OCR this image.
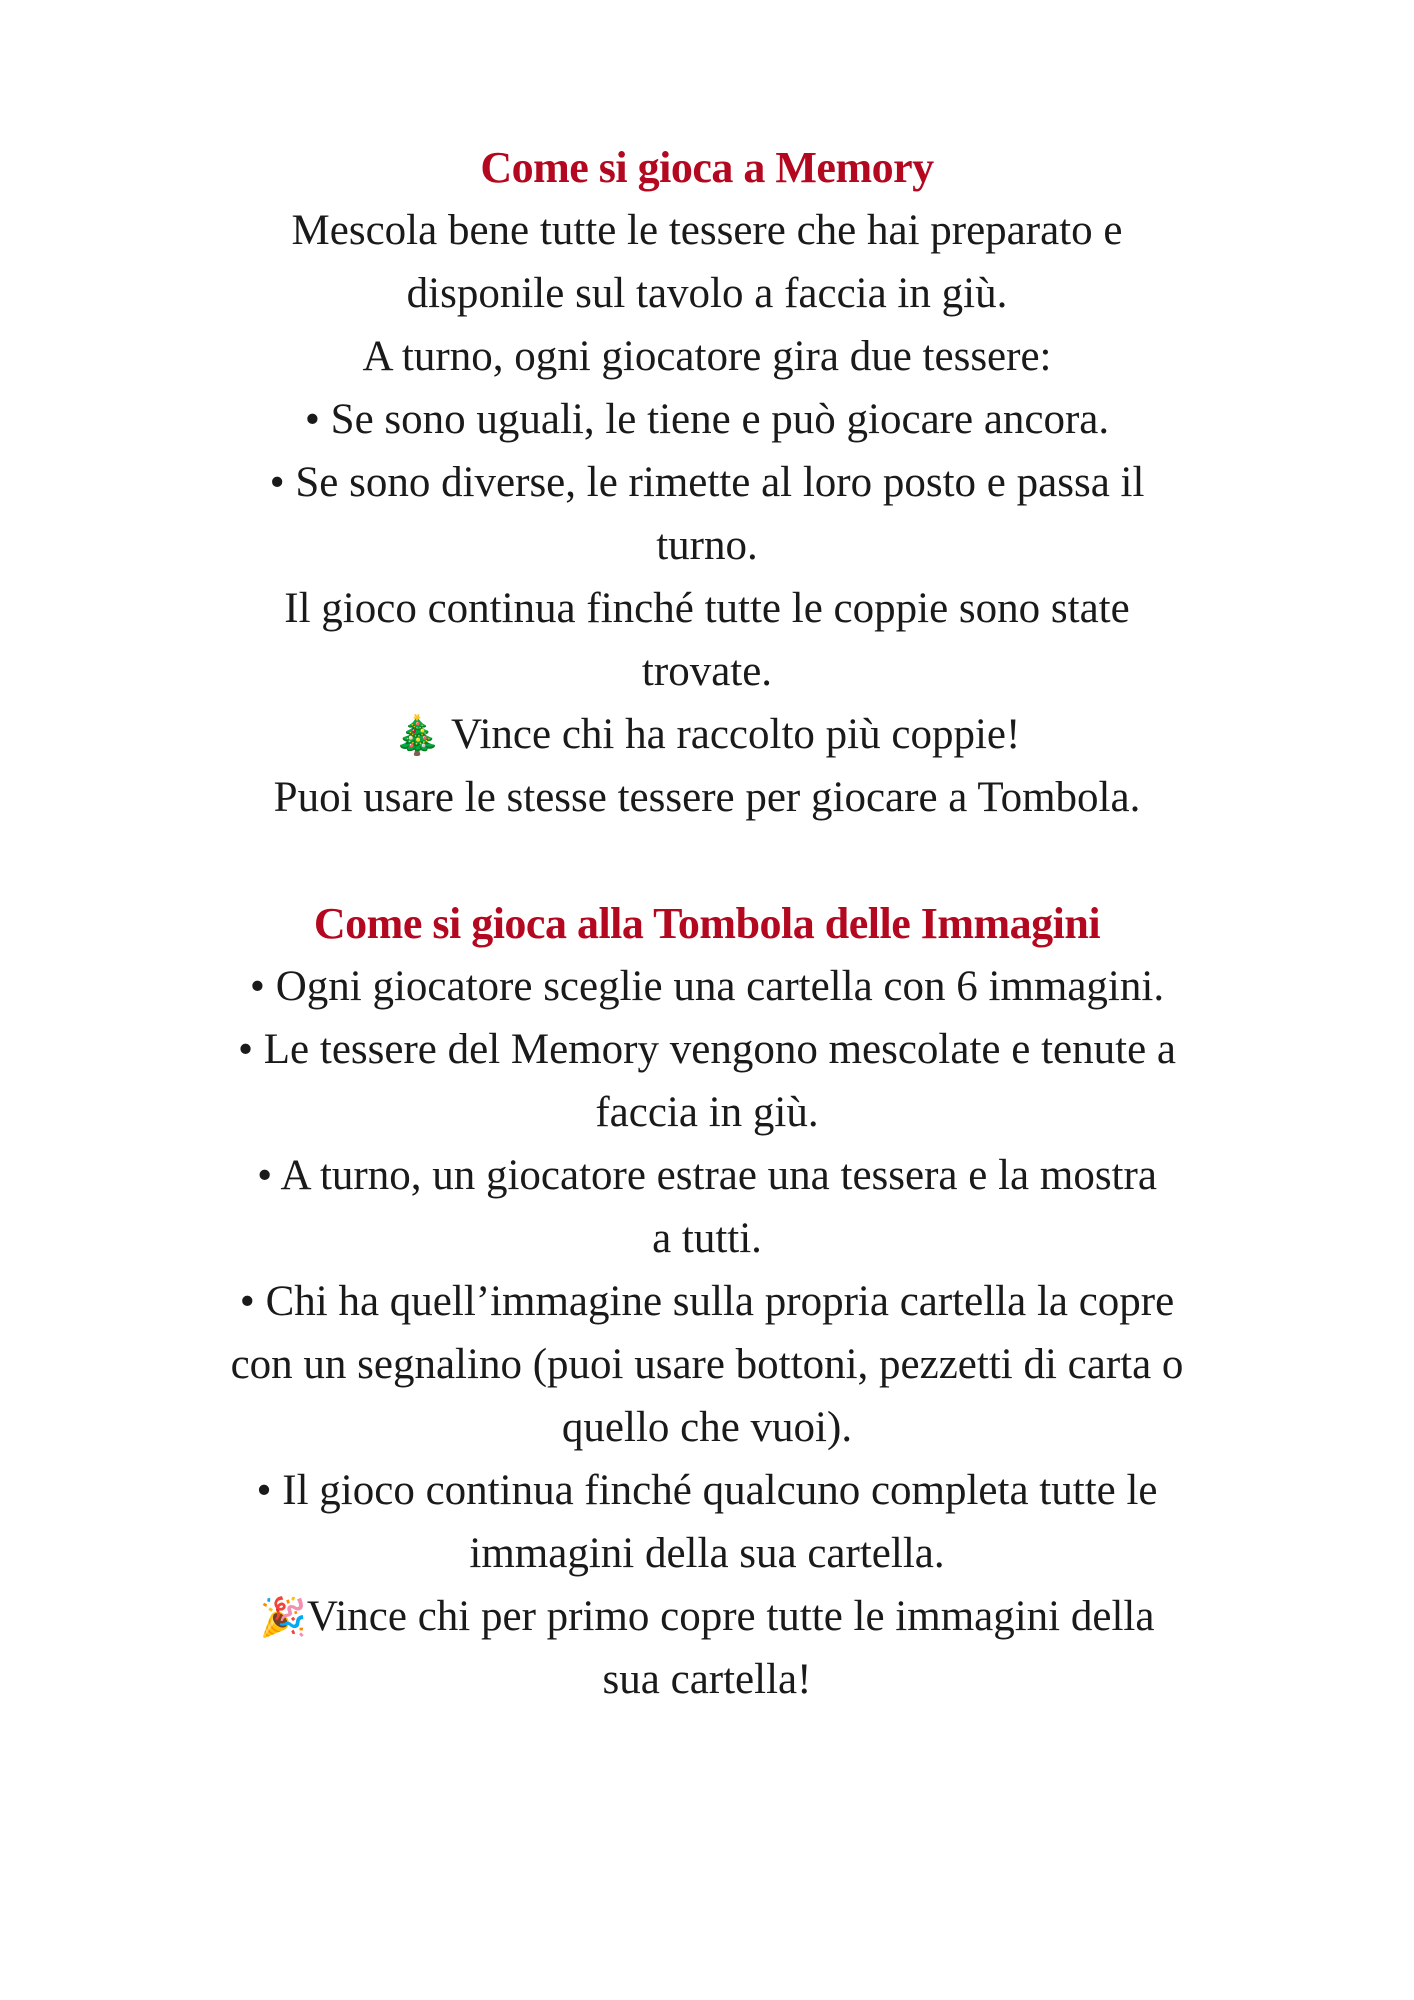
Come si gioca a Memory
Mescola bene tutte le tessere che hai preparato e
disponile sul tavolo a faccia in giù.
A turno, ogni giocatore gira due tessere:
• Se sono uguali, le tiene e può giocare ancora.
• Se sono diverse, le rimette al loro posto e passa il
turno.
Il gioco continua finché tutte le coppie sono state
trovate.
🎄 Vince chi ha raccolto più coppie!
Puoi usare le stesse tessere per giocare a Tombola.
Come si gioca alla Tombola delle Immagini
• Ogni giocatore sceglie una cartella con 6 immagini.
• Le tessere del Memory vengono mescolate e tenute a
faccia in giù.
• A turno, un giocatore estrae una tessera e la mostra
a tutti.
• Chi ha quell’immagine sulla propria cartella la copre
con un segnalino (puoi usare bottoni, pezzetti di carta o
quello che vuoi).
• Il gioco continua finché qualcuno completa tutte le
immagini della sua cartella.
🎉Vince chi per primo copre tutte le immagini della
sua cartella!
